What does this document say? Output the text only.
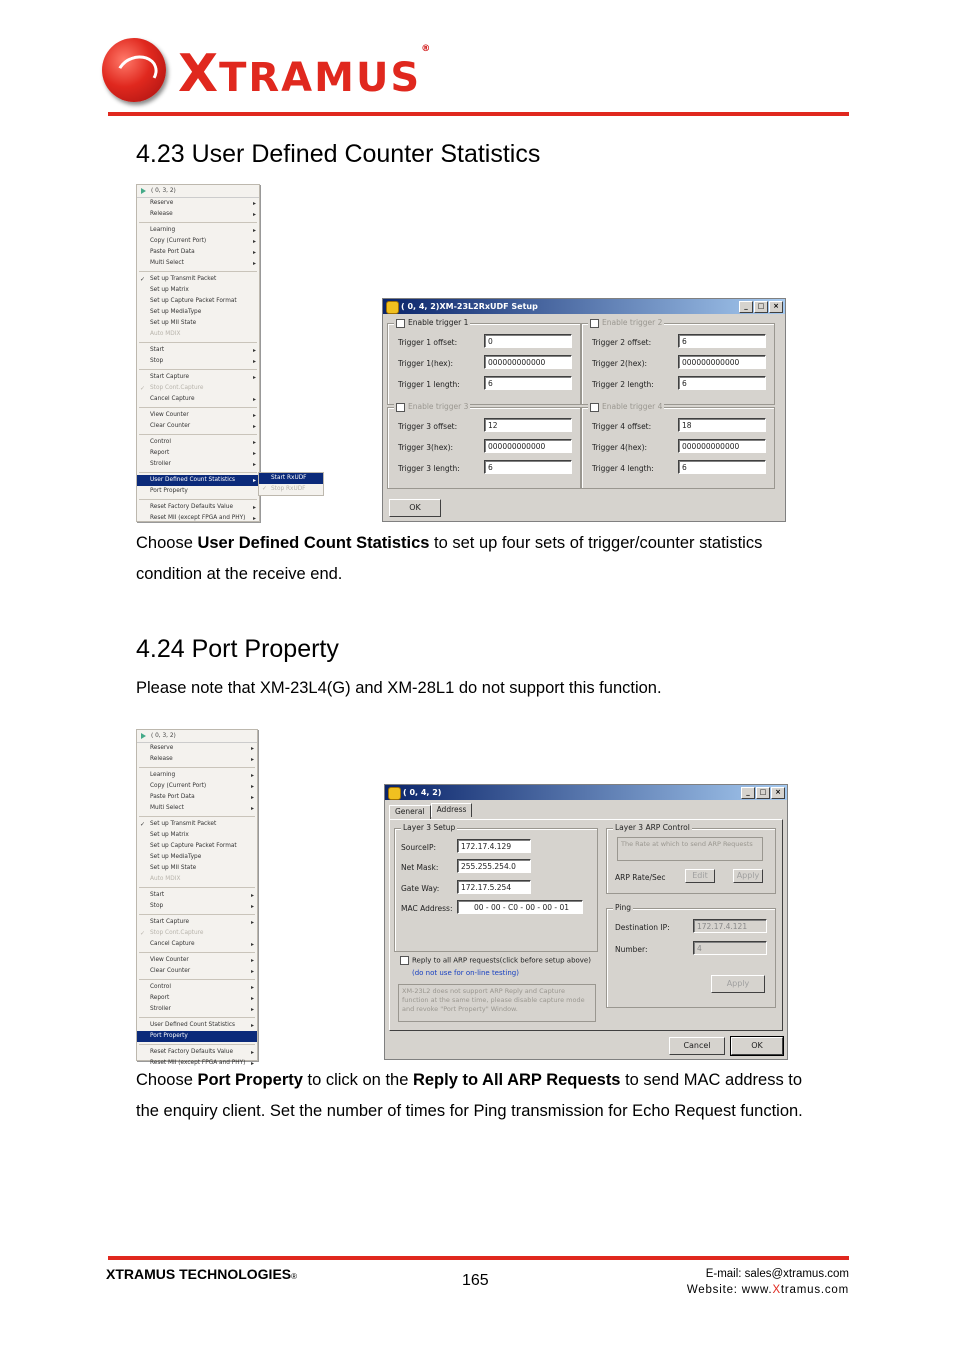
XTRAMUS®
4.23 User Defined Counter Statistics
( 0, 3, 2)
Reserve	▸
Release	▸
Learning	▸
Copy (Current Port)	▸
Paste Port Data	▸
Multi Select	▸
✓ Set up Transmit Packet
Set up Matrix
Set up Capture Packet Format
Set up MediaType
Set up MII State
Auto MDIX
Start	▸
Stop	▸
Start Capture	▸
✓ Stop Cont.Capture
Cancel Capture	▸
View Counter	▸
Clear Counter	▸
Control	▸
Report	▸
Stroller	▸
User Defined Count Statistics	▸
Port Property
Reset Factory Defaults Value	▸
Reset MII (except FPGA and PHY) ▸
Start RxUDF
✓ Stop RxUDF
( 0, 4, 2)XM-23L2RxUDF Setup	_	□	×
Enable trigger 1
Trigger 1 offset:	0
Trigger 1(hex):	000000000000
Trigger 1 length:	6
Enable trigger 2
Trigger 2 offset:	6
Trigger 2(hex):	000000000000
Trigger 2 length:	6
Enable trigger 3
Trigger 3 offset:	12
Trigger 3(hex):	000000000000
Trigger 3 length:	6
Enable trigger 4
Trigger 4 offset:	18
Trigger 4(hex):	000000000000
Trigger 4 length:	6
OK
Choose User Defined Count Statistics to set up four sets of trigger/counter statistics condition at the receive end.
4.24 Port Property
Please note that XM-23L4(G) and XM-28L1 do not support this function.
( 0, 3, 2)
Reserve	▸
Release	▸
Learning	▸
Copy (Current Port)	▸
Paste Port Data	▸
Multi Select	▸
✓ Set up Transmit Packet
Set up Matrix
Set up Capture Packet Format
Set up MediaType
Set up MII State
Auto MDIX
Start	▸
Stop	▸
Start Capture	▸
✓ Stop Cont.Capture
Cancel Capture	▸
View Counter	▸
Clear Counter	▸
Control	▸
Report	▸
Stroller	▸
User Defined Count Statistics	▸
Port Property
Reset Factory Defaults Value	▸
Reset MII (except FPGA and PHY) ▸
( 0, 4, 2)	_	□	×
General	Address
Layer 3 Setup
SourceIP:	172.17.4.129
Net Mask:	255.255.254.0
Gate Way:	172.17.5.254
MAC Address:	00 - 00 - C0 - 00 - 00 - 01
Reply to all ARP requests(click before setup above)
(do not use for on-line testing)
XM-23L2 does not support ARP Reply and Capture function at the same time, please disable capture mode and revoke "Port Property" Window.
Layer 3 ARP Control
The Rate at which to send ARP Requests
ARP Rate/Sec	Edit	Apply
Ping
Destination IP:	172.17.4.121
Number:	4
Apply
Cancel	OK
Choose Port Property to click on the Reply to All ARP Requests to send MAC address to the enquiry client. Set the number of times for Ping transmission for Echo Request function.
XTRAMUS TECHNOLOGIES®	165	E-mail: sales@xtramus.com
Website: www.Xtramus.com
